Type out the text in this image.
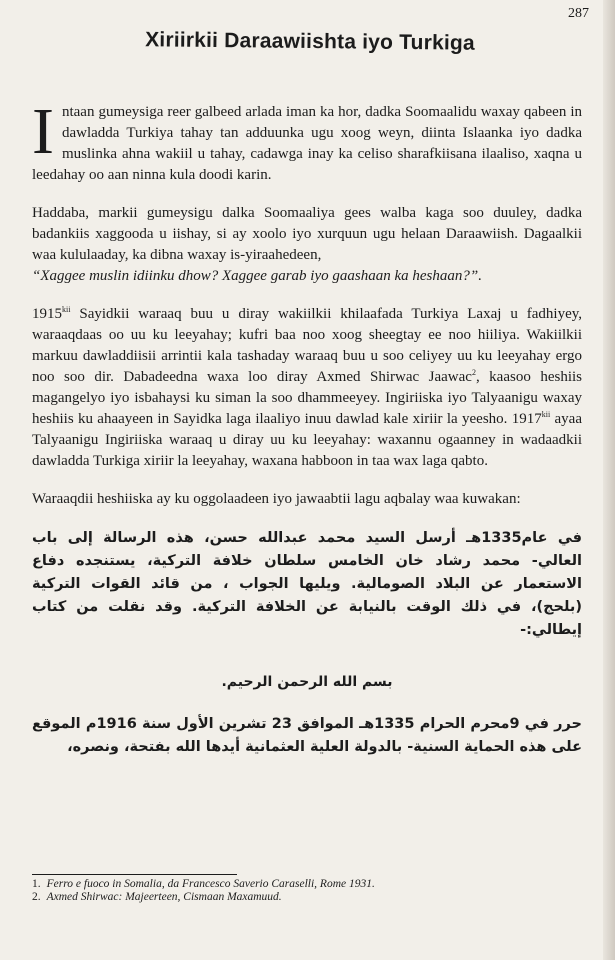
287
Xiriirkii Daraawiishta iyo Turkiga

Intaan gumeysiga reer galbeed arlada iman ka hor, dadka Soomaalidu waxay qabeen in dawladda Turkiya tahay tan adduunka ugu xoog weyn, diinta Islaanka iyo dadka muslinka ahna wakiil u tahay, cadawga inay ka celiso sharafkiisana ilaaliso, xaqna u leedahay oo aan ninna kula doodi karin.

Haddaba, markii gumeysigu dalka Soomaaliya gees walba kaga soo duuley, dadka badankiis xaggooda u iishay, si ay xoolo iyo xurquun ugu helaan Daraawiish. Dagaalkii waa kululaaday, ka dibna waxay is-yiraahedeen,
“Xaggee muslin idiinku dhow? Xaggee garab iyo gaashaan ka heshaan?”.

$1915^{kii}$ Sayidkii waraaq buu u diray wakiilkii khilaafada Turkiya Laxaj u fadhiyey, waraaqdaas oo uu ku leeyahay; kufri baa noo xoog sheegtay ee noo hiiliya. Wakiilkii markuu dawladdiisii arrintii kala tashaday waraaq buu u soo celiyey uu ku leeyahay ergo noo soo dir. Dabadeedna waxa loo diray Axmed Shirwac Jaawac$^2$, kaasoo heshiis magangelyo iyo isbahaysi ku siman la soo dhammeeyey. Ingiriiska iyo Talyaanigu waxay heshiis ku ahaayeen in Sayidka laga ilaaliyo inuu dawlad kale xiriir la yeesho. $1917^{kii}$ ayaa Talyaanigu Ingiriiska waraaq u diray uu ku leeyahay: waxannu ogaanney in wadaadkii dawladda Turkiga xiriir la leeyahay, waxana habboon in taa wax laga qabto.

Waraaqdii heshiiska ay ku oggolaadeen iyo jawaabtii lagu aqbalay waa kuwakan:

في عام1335هـ أرسل السيد محمد عبدالله حسن، هذه الرسالة إلى باب العالي- محمد رشاد خان الخامس سلطان خلافة التركية، يستنجده دفاع الاستعمار عن البلاد الصومالية. ويليها الجواب ، من قائد القوات التركية (بلحج)، في ذلك الوقت بالنيابة عن الخلافة التركية. وقد نقلت من كتاب إيطالي:-

بسم الله الرحمن الرحيم.

حرر في 9محرم الحرام 1335هـ الموافق 23 تشرين الأول سنة 1916م الموقع على هذه الحماية السنية- بالدولة العلية العثمانية أيدها الله بفتحة، ونصره،

1. Ferro e fuoco in Somalia, da Francesco Saverio Caraselli, Rome 1931.
2. Axmed Shirwac: Majeerteen, Cismaan Maxamuud.
